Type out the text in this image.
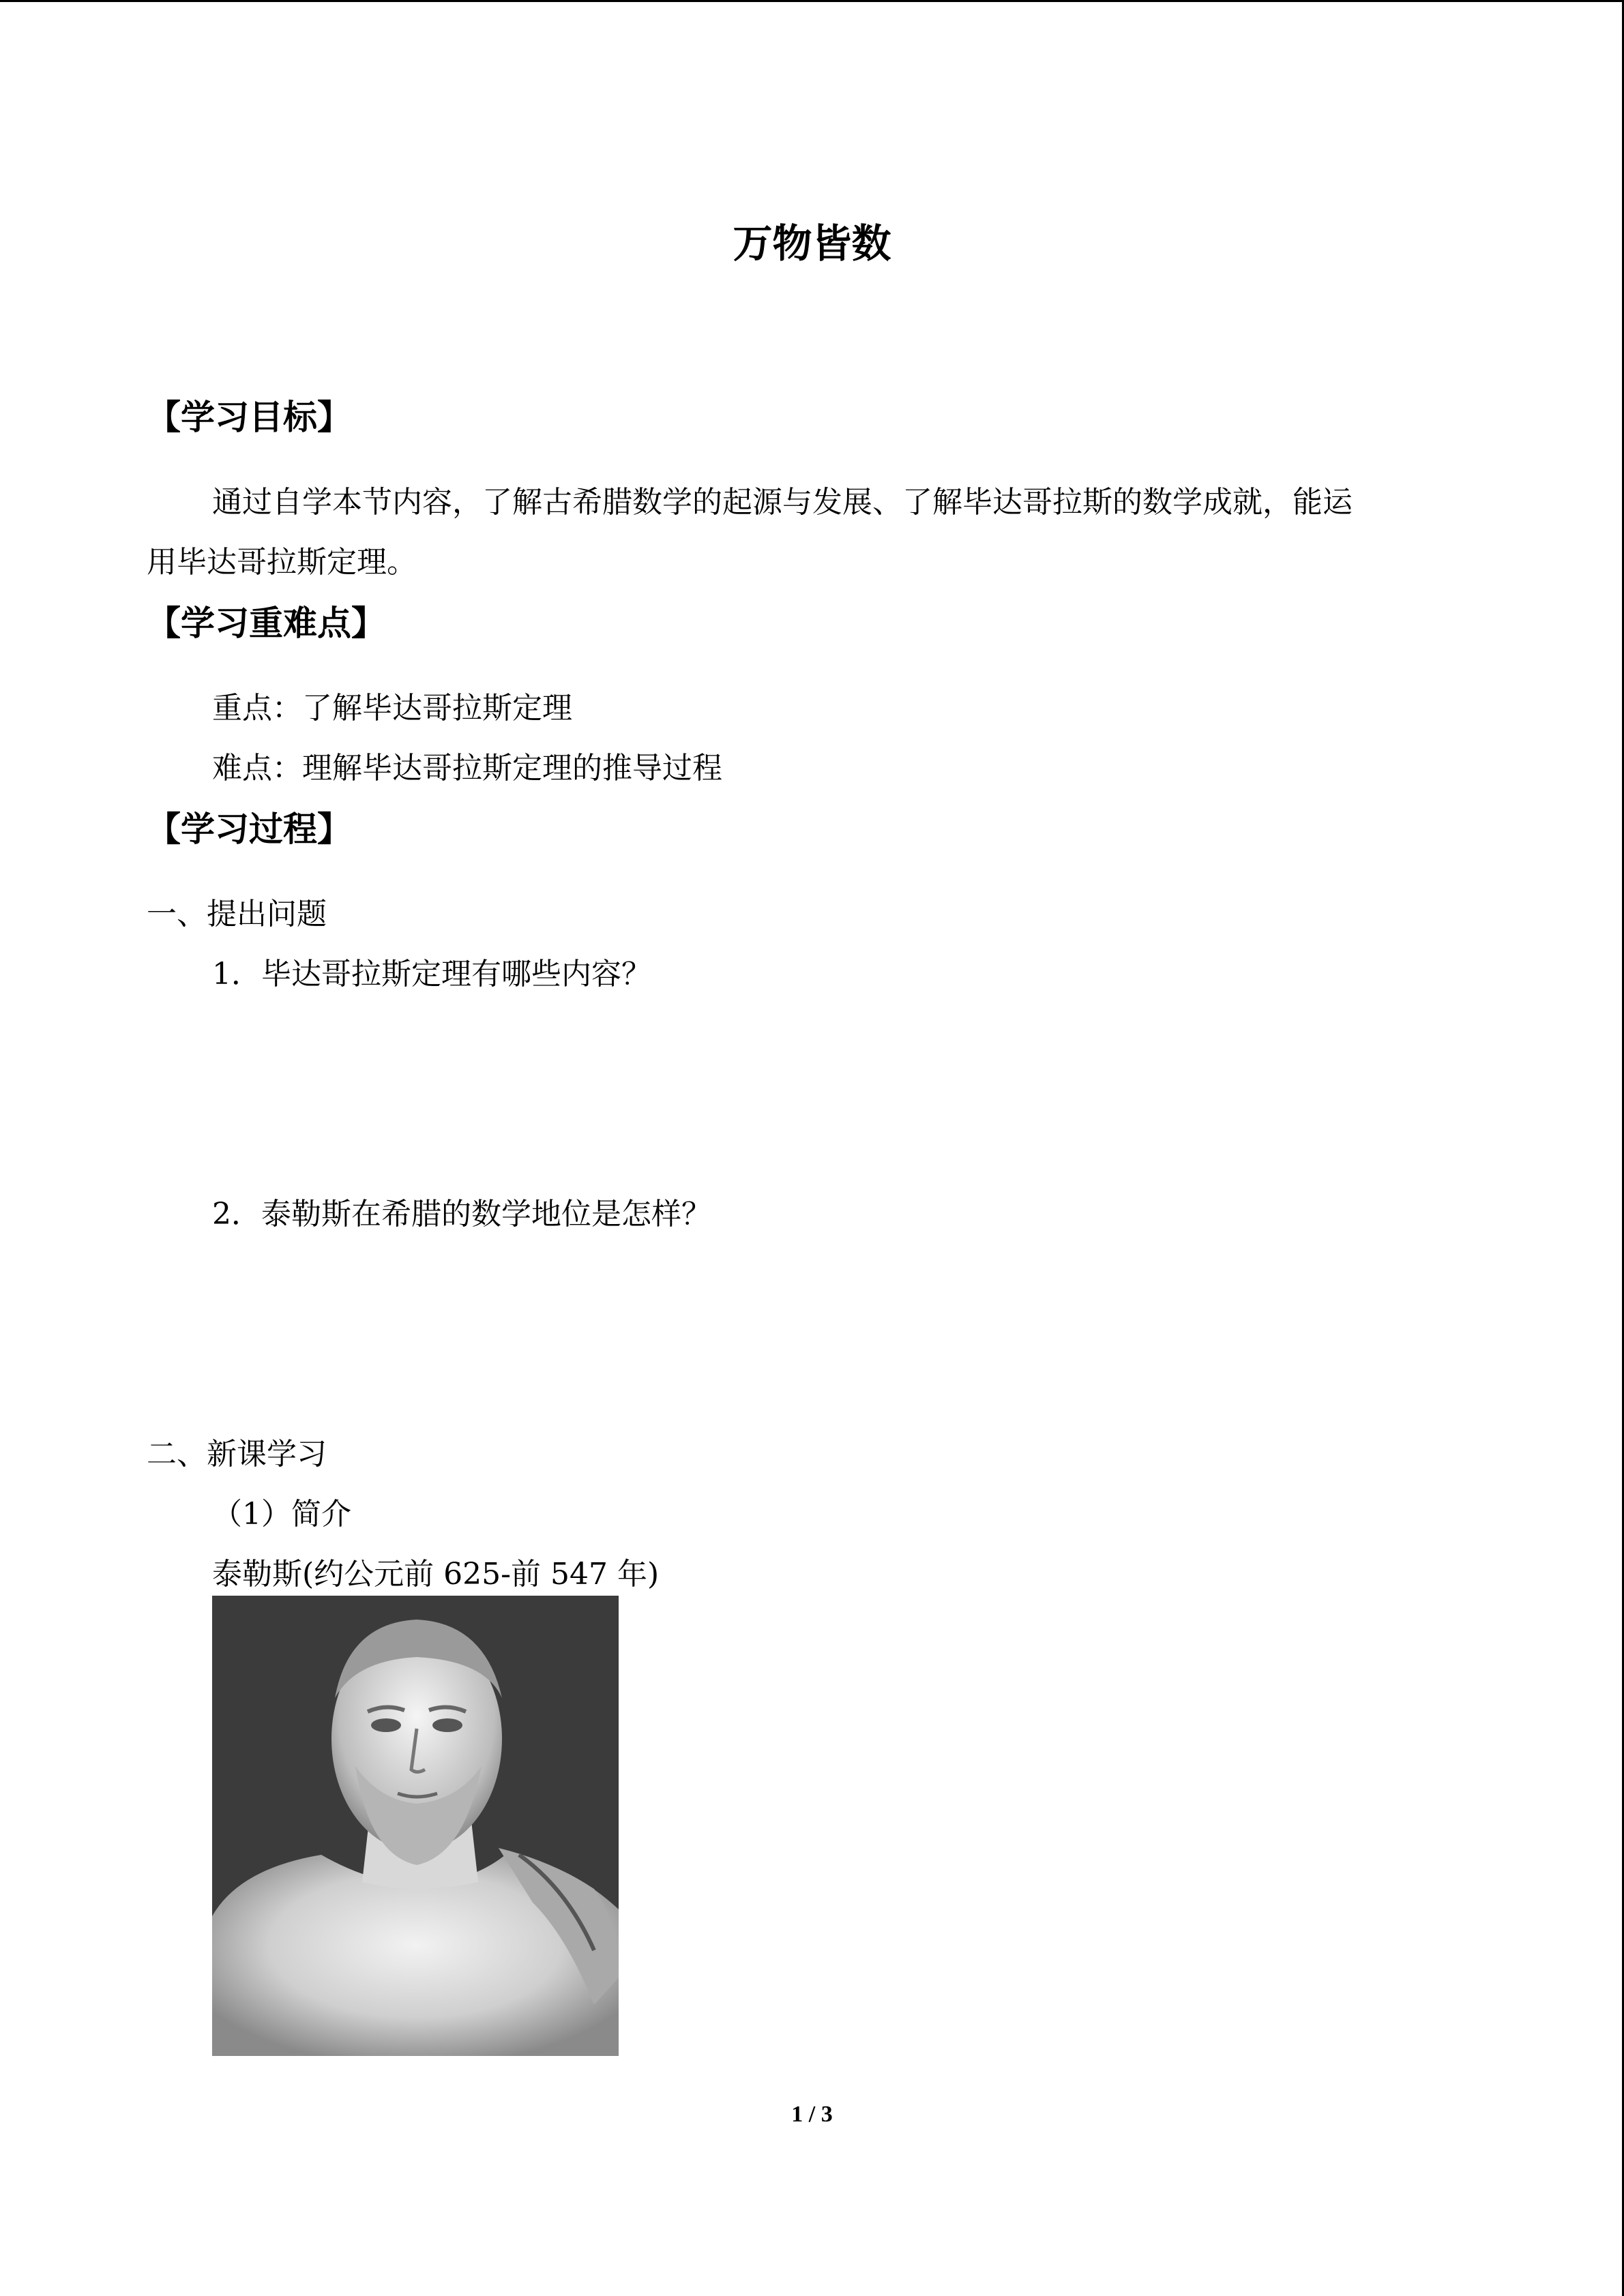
万物皆数
【学习目标】
通过自学本节内容，了解古希腊数学的起源与发展、了解毕达哥拉斯的数学成就，能运
用毕达哥拉斯定理。
【学习重难点】
重点：了解毕达哥拉斯定理
难点：理解毕达哥拉斯定理的推导过程
【学习过程】
一、提出问题
1．毕达哥拉斯定理有哪些内容？
2．泰勒斯在希腊的数学地位是怎样？
二、新课学习
（1）简介
泰勒斯(约公元前 625-前 547 年)
1 / 3
